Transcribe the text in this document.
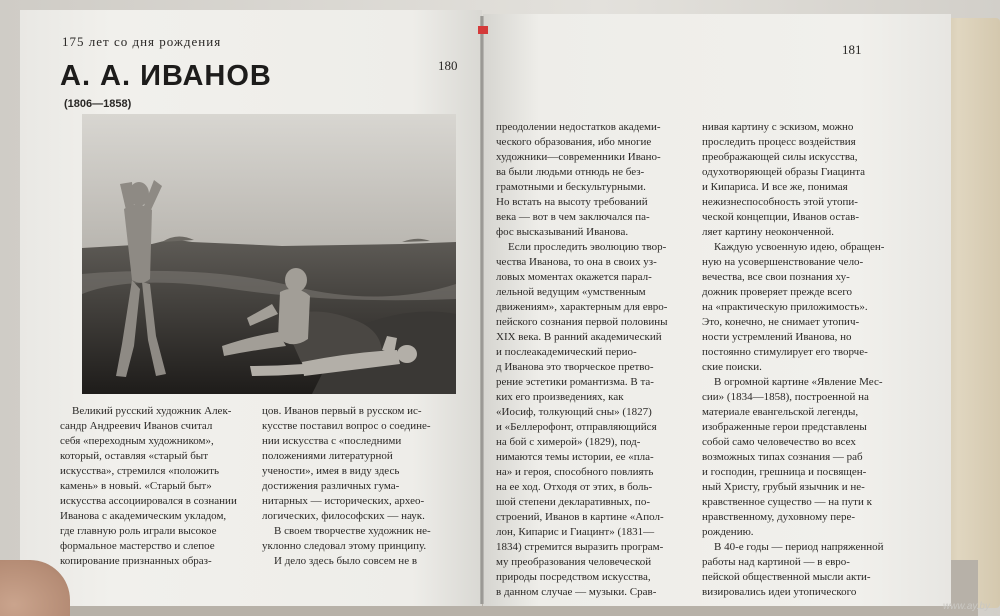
175 лет со дня рождения
180
А. А. ИВАНОВ
(1806—1858)

Великий русский художник Алек-

сандр Андреевич Иванов считал

себя «переходным художником»,

который, оставляя «старый быт

искусства», стремился «положить

камень» в новый. «Старый быт»

искусства ассоциировался в сознании

Иванова с академическим укладом,

где главную роль играли высокое

формальное мастерство и слепое

копирование признанных образ-

цов. Иванов первый в русском ис-

кусстве поставил вопрос о соедине-

нии искусства с «последними

положениями литературной

учености», имея в виду здесь

достижения различных гума-

нитарных — исторических, архео-

логических, философских — наук.

В своем творчестве художник не-

уклонно следовал этому принципу.

И дело здесь было совсем не в

181

преодолении недостатков академи-

ческого образования, ибо многие

художники—современники Ивано-

ва были людьми отнюдь не без-

грамотными и бескультурными.

Но встать на высоту требований

века — вот в чем заключался па-

фос высказываний Иванова.

Если проследить эволюцию твор-

чества Иванова, то она в своих уз-

ловых моментах окажется парал-

лельной ведущим «умственным

движениям», характерным для евро-

пейского сознания первой половины

XIX века. В ранний академический

и послеакадемический перио-

д Иванова это творческое претво-

рение эстетики романтизма. В та-

ких его произведениях, как

«Иосиф, толкующий сны» (1827)

и «Беллерофонт, отправляющийся

на бой с химерой» (1829), под-

нимаются темы истории, ее «пла-

на» и героя, способного повлиять

на ее ход. Отходя от этих, в боль-

шой степени декларативных, по-

строений, Иванов в картине «Апол-

лон, Кипарис и Гиацинт» (1831—

1834) стремится выразить програм-

му преобразования человеческой

природы посредством искусства,

в данном случае — музыки. Срав-

нивая картину с эскизом, можно

проследить процесс воздействия

преображающей силы искусства,

одухотворяющей образы Гиацинта

и Кипариса. И все же, понимая

нежизнеспособность этой утопи-

ческой концепции, Иванов остав-

ляет картину неоконченной.

Каждую усвоенную идею, обращен-

ную на усовершенствование чело-

вечества, все свои познания ху-

дожник проверяет прежде всего

на «практическую приложимость».

Это, конечно, не снимает утопич-

ности устремлений Иванова, но

постоянно стимулирует его творче-

ские поиски.

В огромной картине «Явление Мес-

сии» (1834—1858), построенной на

материале евангельской легенды,

изображенные герои представлены

собой само человечество во всех

возможных типах сознания — раб

и господин, грешница и посвящен-

ный Христу, грубый язычник и не-

кравственное существо — на пути к

нравственному, духовному пере-

рождению.

В 40-е годы — период напряженной

работы над картиной — в евро-

пейской общественной мысли акти-

визировались идеи утопического

www.ay.by
